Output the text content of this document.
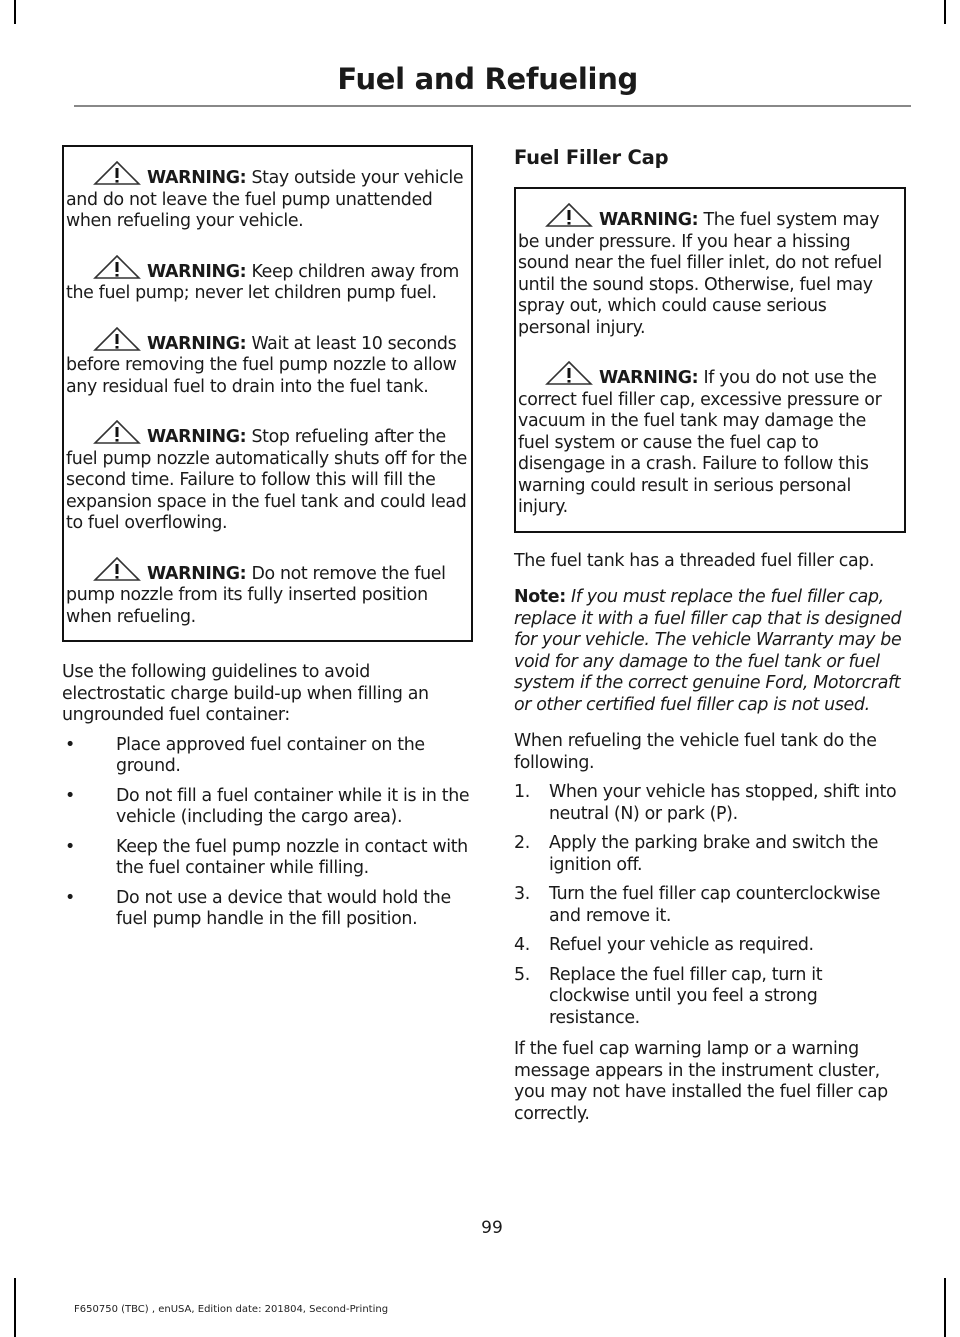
Fuel and Refueling
WARNING: Stay outside your vehicle and do not leave the fuel pump unattended when refueling your vehicle.
WARNING: Keep children away from the fuel pump; never let children pump fuel.
WARNING: Wait at least 10 seconds before removing the fuel pump nozzle to allow any residual fuel to drain into the fuel tank.
WARNING: Stop refueling after the fuel pump nozzle automatically shuts off for the second time. Failure to follow this will fill the expansion space in the fuel tank and could lead to fuel overflowing.
WARNING: Do not remove the fuel pump nozzle from its fully inserted position when refueling.

Use the following guidelines to avoid electrostatic charge build-up when filling an ungrounded fuel container:

• Place approved fuel container on the ground.
• Do not fill a fuel container while it is in the vehicle (including the cargo area).
• Keep the fuel pump nozzle in contact with the fuel container while filling.
• Do not use a device that would hold the fuel pump handle in the fill position.
Fuel Filler Cap
WARNING: The fuel system may be under pressure. If you hear a hissing sound near the fuel filler inlet, do not refuel until the sound stops. Otherwise, fuel may spray out, which could cause serious personal injury.
WARNING: If you do not use the correct fuel filler cap, excessive pressure or vacuum in the fuel tank may damage the fuel system or cause the fuel cap to disengage in a crash. Failure to follow this warning could result in serious personal injury.

The fuel tank has a threaded fuel filler cap.

Note: If you must replace the fuel filler cap, replace it with a fuel filler cap that is designed for your vehicle. The vehicle Warranty may be void for any damage to the fuel tank or fuel system if the correct genuine Ford, Motorcraft or other certified fuel filler cap is not used.

When refueling the vehicle fuel tank do the following.

1. When your vehicle has stopped, shift into neutral (N) or park (P).
2. Apply the parking brake and switch the ignition off.
3. Turn the fuel filler cap counterclockwise and remove it.
4. Refuel your vehicle as required.
5. Replace the fuel filler cap, turn it clockwise until you feel a strong resistance.

If the fuel cap warning lamp or a warning message appears in the instrument cluster, you may not have installed the fuel filler cap correctly.

99
F650750 (TBC) , enUSA, Edition date: 201804, Second-Printing
